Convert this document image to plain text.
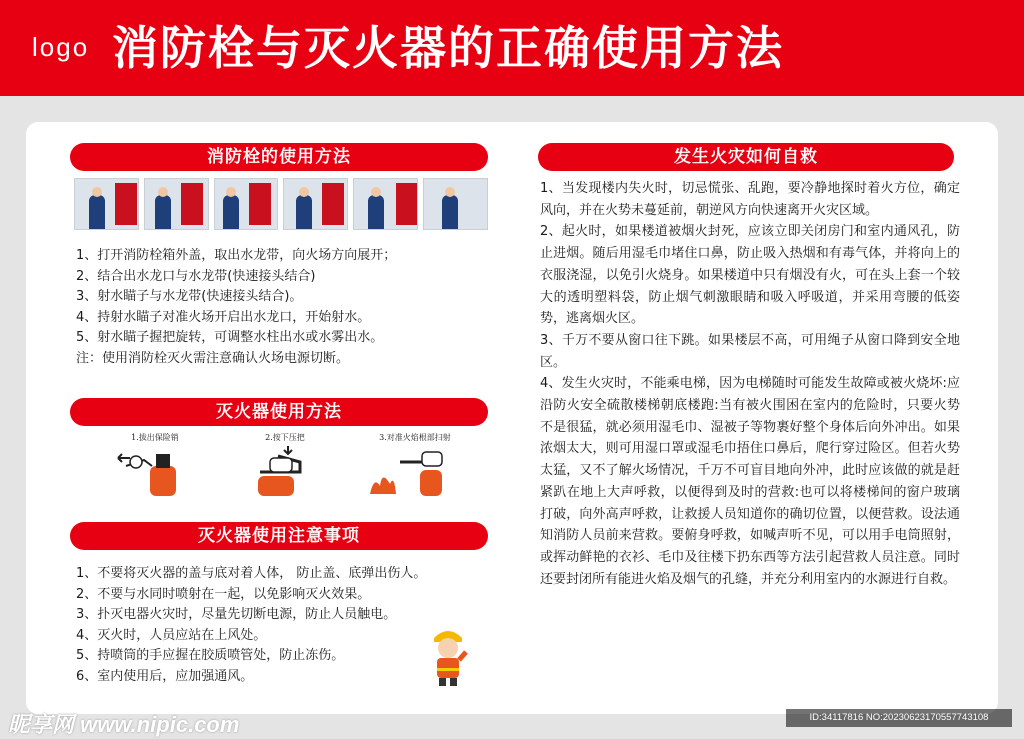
logo 消防栓与灭火器的正确使用方法
消防栓的使用方法
1、打开消防栓箱外盖，取出水龙带，向火场方向展开；
2、结合出水龙口与水龙带(快速接头结合)
3、射水瞄子与水龙带(快速接头结合)。
4、持射水瞄子对准火场开启出水龙口，开始射水。
5、射水瞄子握把旋转，可调整水柱出水或水雾出水。
注：使用消防栓灭火需注意确认火场电源切断。
灭火器使用方法
1.拔出保险销	2.按下压把	3.对准火焰根部扫射
灭火器使用注意事项
1、不要将灭火器的盖与底对着人体， 防止盖、底弹出伤人。
2、不要与水同时喷射在一起，以免影响灭火效果。
3、扑灭电器火灾时，尽量先切断电源，防止人员触电。
4、灭火时，人员应站在上风处。
5、持喷筒的手应握在胶质喷管处，防止冻伤。
6、室内使用后，应加强通风。
发生火灾如何自救

1、当发现楼内失火时，切忌慌张、乱跑，要冷静地探时着火方位，确定风向，并在火势未蔓延前，朝逆风方向快速离开火灾区域。

2、起火时，如果楼道被烟火封死，应该立即关闭房门和室内通风孔，防止进烟。随后用湿毛巾堵住口鼻，防止吸入热烟和有毒气体，并将向上的衣服浇湿，以免引火烧身。如果楼道中只有烟没有火，可在头上套一个较大的透明塑料袋，防止烟气刺激眼睛和吸入呼吸道，并采用弯腰的低姿势，逃离烟火区。

3、千万不要从窗口往下跳。如果楼层不高，可用绳子从窗口降到安全地区。

4、发生火灾时，不能乘电梯，因为电梯随时可能发生故障或被火烧坏:应沿防火安全硫散楼梯朝底楼跑:当有被火围困在室内的危险时，只要火势不是很猛，就必须用湿毛巾、湿被子等物裹好整个身体后向外冲出。如果浓烟太大，则可用湿口罩或湿毛巾捂住口鼻后，爬行穿过险区。但若火势太猛，又不了解火场情况，千万不可盲目地向外冲，此时应该做的就是赶紧趴在地上大声呼救，以便得到及时的营救:也可以将楼梯间的窗户玻璃打破，向外高声呼救，让救援人员知道你的确切位置，以便营救。设法通知消防人员前来营救。要俯身呼救，如喊声听不见，可以用手电筒照射，或挥动鲜艳的衣衫、毛巾及往楼下扔东西等方法引起营救人员注意。同时还要封闭所有能进火焰及烟气的孔缝，并充分利用室内的水源进行自救。

昵享网 www.nipic.com	ID:34117816 NO:20230623170557743108
